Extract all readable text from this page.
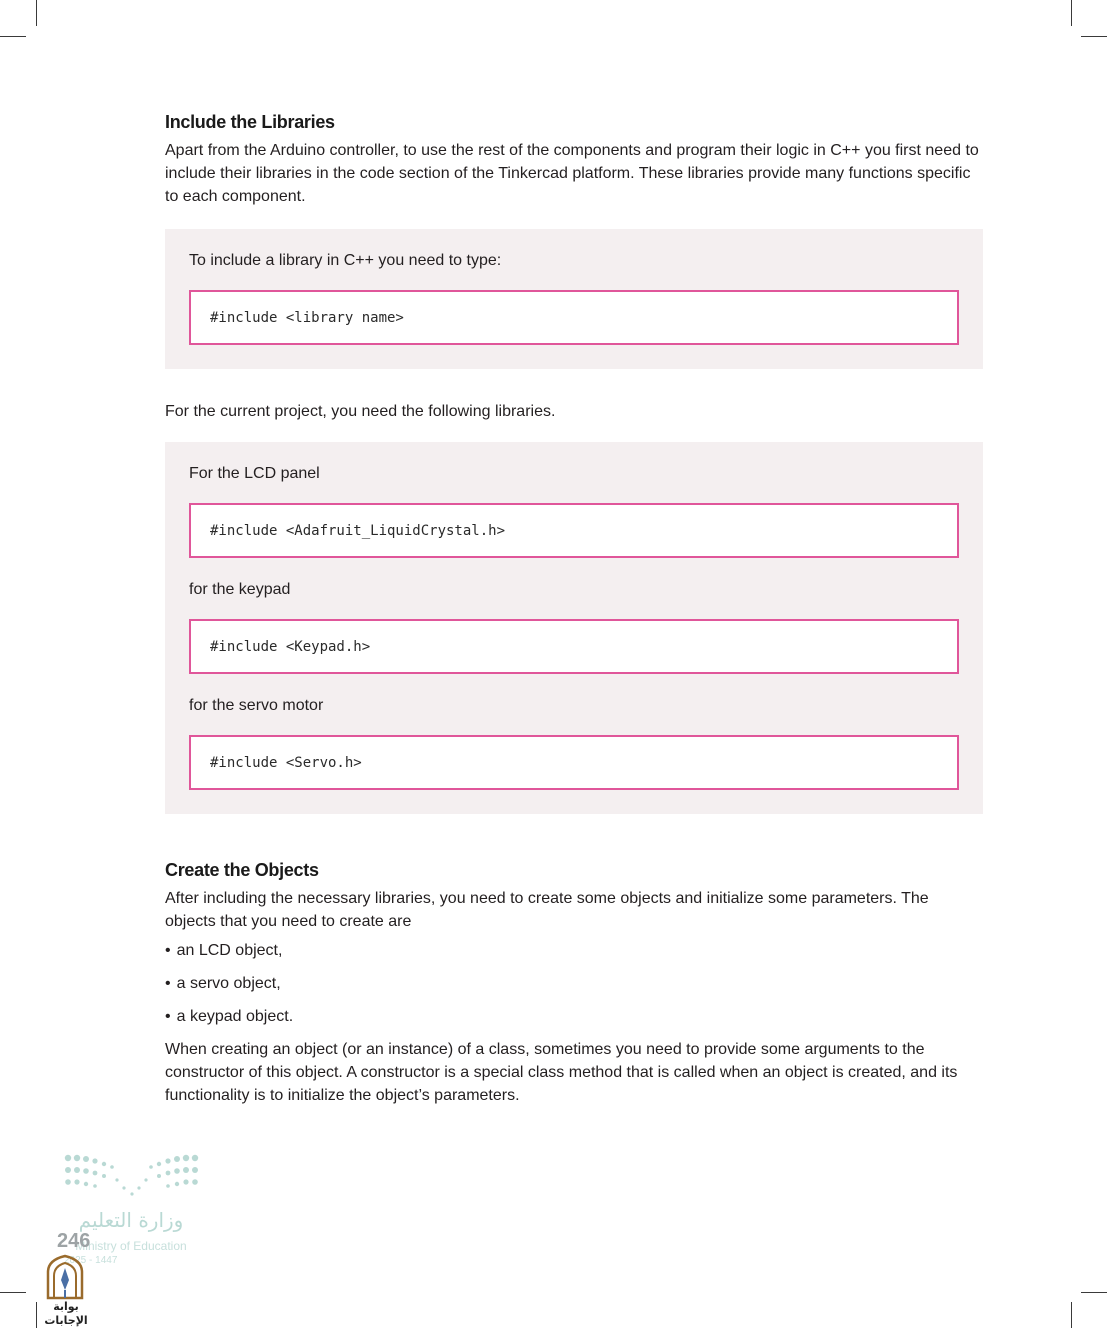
Include the Libraries

Apart from the Arduino controller, to use the rest of the components and program their logic in C++ you first need to include their libraries in the code section of the Tinkercad platform. These libraries provide many functions specific to each component.

To include a library in C++ you need to type:
#include <library name>

For the current project, you need the following libraries.

For the LCD panel
#include <Adafruit_LiquidCrystal.h>
for the keypad
#include <Keypad.h>
for the servo motor
#include <Servo.h>
Create the Objects

After including the necessary libraries, you need to create some objects and initialize some parameters. The objects that you need to create are

• an LCD object,
• a servo object,
• a keypad object.

When creating an object (or an instance) of a class, sometimes you need to provide some arguments to the constructor of this object. A constructor is a special class method that is called when an object is created, and its functionality is to initialize the object’s parameters.

وزارة التعليم
Ministry of Education
2025 - 1447
246
بوابة الإجابات
